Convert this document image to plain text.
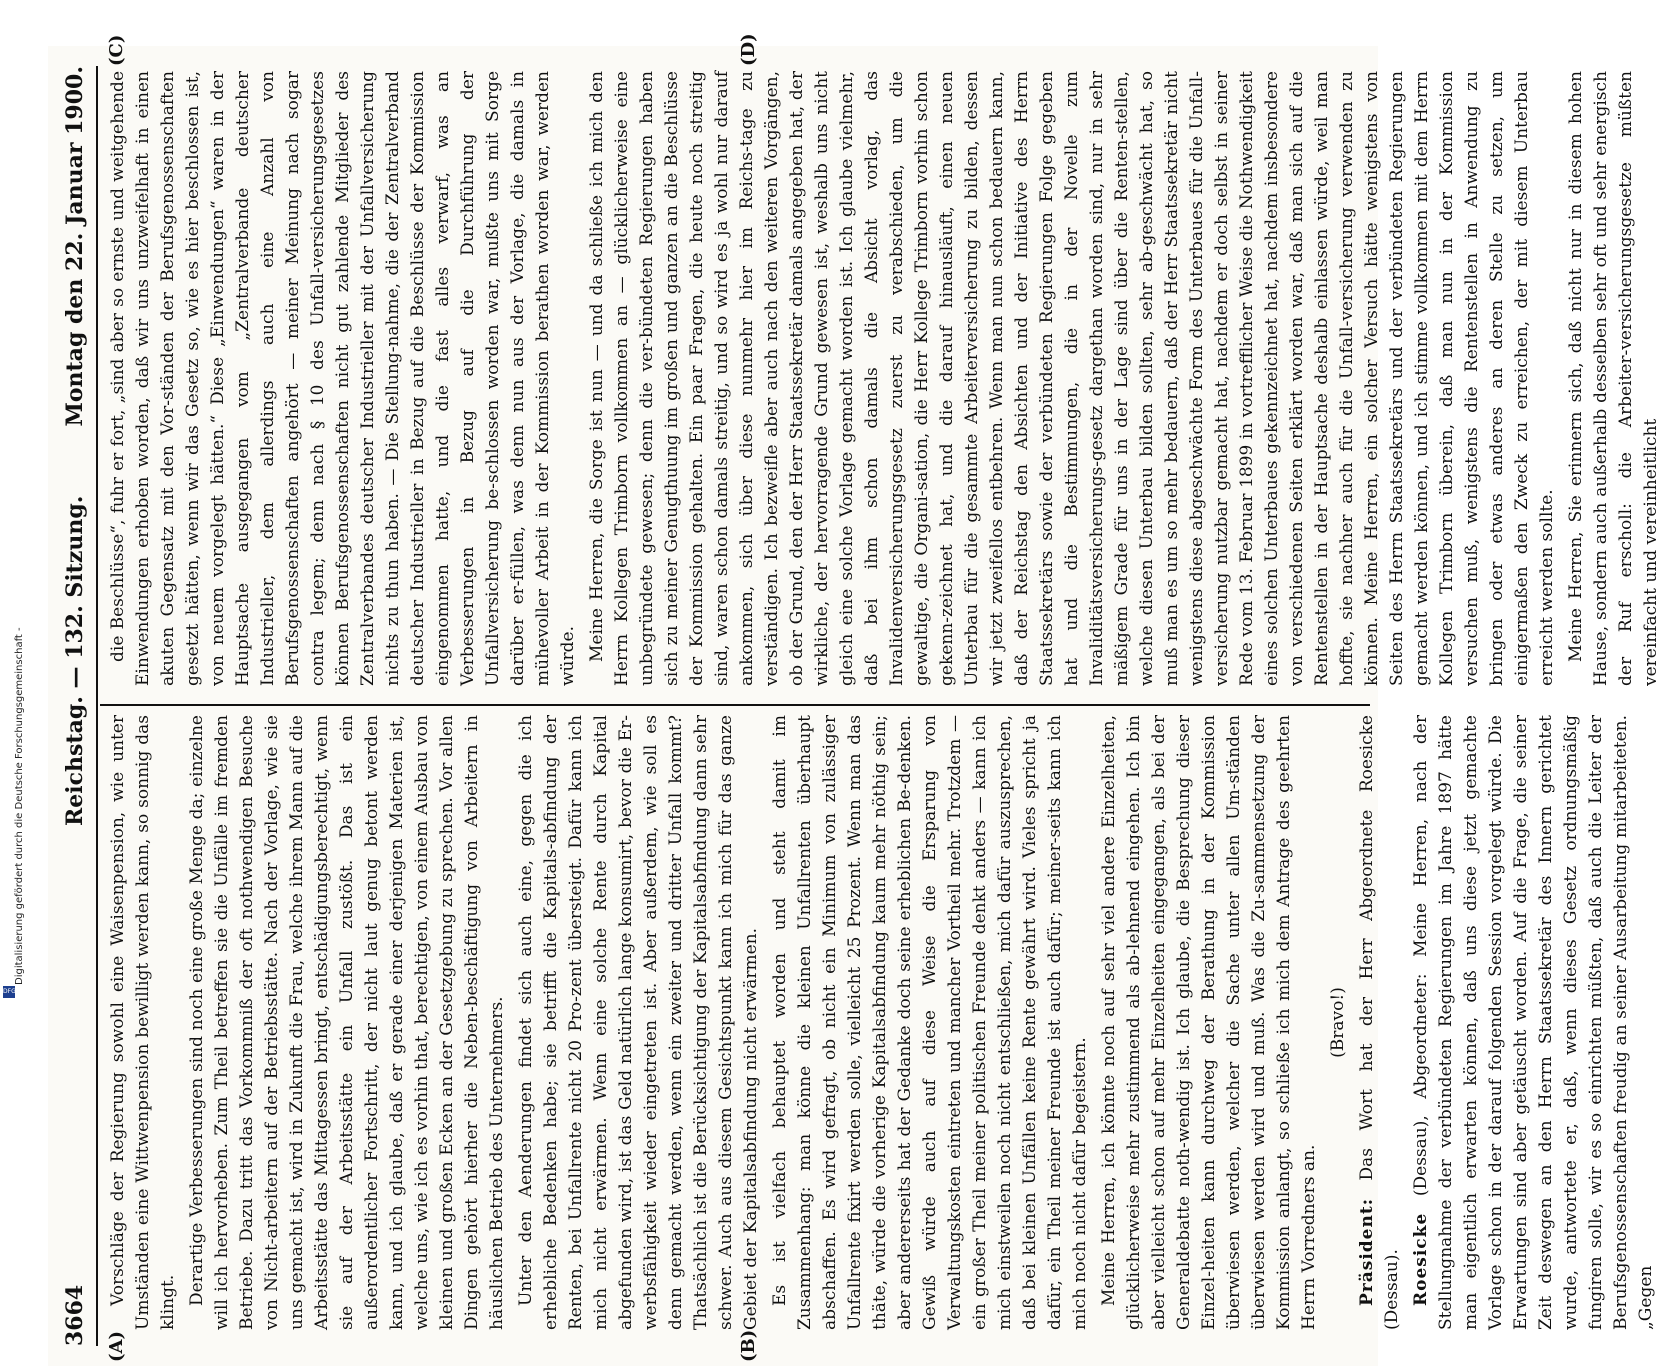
3664
Reichstag. — 132. Sitzung.
Montag den 22. Januar 1900.
(A)	(B)
(C)	(D)

Vorschläge der Regierung sowohl eine Waisenpension, wie unter Umständen eine Wittwenpension bewilligt werden kann, so sonnig das klingt. Derartige Verbesserungen sind noch eine große Menge da; einzelne will ich hervorheben. Zum Theil betreffen sie die Unfälle im fremden Betriebe. Dazu tritt das Vorkommniß der oft nothwendigen Besuche von Nicht-arbeitern auf der Betriebsstätte. Nach der Vorlage, wie sie uns gemacht ist, wird in Zukunft die Frau, welche ihrem Mann auf die Arbeitsstätte das Mittagessen bringt, entschädigungsberechtigt, wenn sie auf der Arbeitsstätte ein Unfall zustößt. Das ist ein außerordentlicher Fortschritt, der nicht laut genug betont werden kann, und ich glaube, daß er gerade einer derjenigen Materien ist, welche uns, wie ich es vorhin that, berechtigen, von einem Ausbau von kleinen und großen Ecken an der Gesetzgebung zu sprechen. Vor allen Dingen gehört hierher die Neben-beschäftigung von Arbeitern in häuslichen Betrieb des Unternehmers. Unter den Aenderungen findet sich auch eine, gegen die ich erhebliche Bedenken habe; sie betrifft die Kapitals-abfindung der Renten, bei Unfallrente nicht 20 Pro-zent übersteigt. Dafür kann ich mich nicht erwärmen. Wenn eine solche Rente durch Kapital abgefunden wird, ist das Geld natürlich lange konsumirt, bevor die Er-werbsfähigkeit wieder eingetreten ist. Aber außerdem, wie soll es denn gemacht werden, wenn ein zweiter und dritter Unfall kommt? Thatsächlich ist die Berücksichtigung der Kapitalsabfindung dann sehr schwer. Auch aus diesem Gesichtspunkt kann ich mich für das ganze Gebiet der Kapitalsabfindung nicht erwärmen. Es ist vielfach behauptet worden und steht damit im Zusammenhang: man könne die kleinen Unfallrenten überhaupt abschaffen. Es wird gefragt, ob nicht ein Minimum von zulässiger Unfallrente fixirt werden solle, vielleicht 25 Prozent. Wenn man das thäte, würde die vorherige Kapitalsabfindung kaum mehr nöthig sein; aber andererseits hat der Gedanke doch seine erheblichen Be-denken. Gewiß würde auch auf diese Weise die Ersparung von Verwaltungskosten eintreten und mancher Vortheil mehr. Trotzdem — ein großer Theil meiner politischen Freunde denkt anders — kann ich mich einstweilen noch nicht entschließen, mich dafür auszusprechen, daß bei kleinen Unfällen keine Rente gewährt wird. Vieles spricht ja dafür, ein Theil meiner Freunde ist auch dafür; meiner-seits kann ich mich noch nicht dafür begeistern. Meine Herren, ich könnte noch auf sehr viel andere Einzelheiten, glücklicherweise mehr zustimmend als ab-lehnend eingehen. Ich bin aber vielleicht schon auf mehr Einzelheiten eingegangen, als bei der Generaldebatte noth-wendig ist. Ich glaube, die Besprechung dieser Einzel-heiten kann durchweg der Berathung in der Kommission überwiesen werden, welcher die Sache unter allen Um-ständen überwiesen werden wird und muß. Was die Zu-sammensetzung der Kommission anlangt, so schließe ich mich dem Antrage des geehrten Herrn Vorredners an.

(Bravo!)

Präsident: Das Wort hat der Herr Abgeordnete Roesicke (Dessau). Roesicke (Dessau), Abgeordneter: Meine Herren, nach der Stellungnahme der verbündeten Regierungen im Jahre 1897 hätte man eigentlich erwarten können, daß uns diese jetzt gemachte Vorlage schon in der darauf folgenden Session vorgelegt würde. Die Erwartungen sind aber getäuscht worden. Auf die Frage, die seiner Zeit deswegen an den Herrn Staatssekretär des Innern gerichtet wurde, antwortete er, daß, wenn dieses Gesetz ordnungsmäßig fungiren solle, wir es so einrichten müßten, daß auch die Leiter der Berufsgenossenschaften freudig an seiner Ausarbeitung mitarbeiteten. „Gegen

die Beschlüsse“, fuhr er fort, „sind aber so ernste und weitgehende Einwendungen erhoben worden, daß wir uns unzweifelhaft in einen akuten Gegensatz mit den Vor-ständen der Berufsgenossenschaften gesetzt hätten, wenn wir das Gesetz so, wie es hier beschlossen ist, von neuem vorgelegt hätten.“ Diese „Einwendungen“ waren in der Hauptsache ausgegangen vom „Zentralverbande deutscher Industrieller, dem allerdings auch eine Anzahl von Berufsgenossenschaften angehört — meiner Meinung nach sogar contra legem; denn nach § 10 des Unfall-versicherungsgesetzes können Berufsgenossenschaften nicht gut zahlende Mitglieder des Zentralverbandes deutscher Industrieller mit der Unfallversicherung nichts zu thun haben. — Die Stellung-nahme, die der Zentralverband deutscher Industrieller in Bezug auf die Beschlüsse der Kommission eingenommen hatte, und die fast alles verwarf, was an Verbesserungen in Bezug auf die Durchführung der Unfallversicherung be-schlossen worden war, mußte uns mit Sorge darüber er-füllen, was denn nun aus der Vorlage, die damals in mühevoller Arbeit in der Kommission berathen worden war, werden würde. Meine Herren, die Sorge ist nun — und da schließe ich mich den Herrn Kollegen Trimborn vollkommen an — glücklicherweise eine unbegründete gewesen; denn die ver-bündeten Regierungen haben sich zu meiner Genugthuung im großen und ganzen an die Beschlüsse der Kommission gehalten. Ein paar Fragen, die heute noch streitig sind, waren schon damals streitig, und so wird es ja wohl nur darauf ankommen, sich über diese nunmehr hier im Reichs-tage zu verständigen. Ich bezweifle aber auch nach den weiteren Vorgängen, ob der Grund, den der Herr Staatssekretär damals angegeben hat, der wirkliche, der hervorragende Grund gewesen ist, weshalb uns nicht gleich eine solche Vorlage gemacht worden ist. Ich glaube vielmehr, daß bei ihm schon damals die Absicht vorlag, das Invalidenversicherungsgesetz zuerst zu verabschieden, um die gewaltige, die Organi-sation, die Herr Kollege Trimborn vorhin schon gekenn-zeichnet hat, und die darauf hinausläuft, einen neuen Unterbau für die gesammte Arbeiterversicherung zu bilden, dessen wir jetzt zweifellos entbehren. Wenn man nun schon bedauern kann, daß der Reichstag den Absichten und der Initiative des Herrn Staatssekretärs sowie der verbündeten Regierungen Folge gegeben hat und die Bestimmungen, die in der Novelle zum Invaliditätsversicherungs-gesetz dargethan worden sind, nur in sehr mäßigem Grade für uns in der Lage sind über die Renten-stellen, welche diesen Unterbau bilden sollten, sehr ab-geschwächt hat, so muß man es um so mehr bedauern, daß der Herr Staatssekretär nicht wenigstens diese abgeschwächte Form des Unterbaues für die Unfall-versicherung nutzbar gemacht hat, nachdem er doch selbst in seiner Rede vom 13. Februar 1899 in vortrefflicher Weise die Nothwendigkeit eines solchen Unterbaues gekennzeichnet hat, nachdem insbesondere von verschiedenen Seiten erklärt worden war, daß man sich auf die Rentenstellen in der Hauptsache deshalb einlassen würde, weil man hoffte, sie nachher auch für die Unfall-versicherung verwenden zu können. Meine Herren, ein solcher Versuch hätte wenigstens von Seiten des Herrn Staatssekretärs und der verbündeten Regierungen gemacht werden können, und ich stimme vollkommen mit dem Herrn Kollegen Trimborn überein, daß man nun in der Kommission versuchen muß, wenigstens die Rentenstellen in Anwendung zu bringen oder etwas anderes an deren Stelle zu setzen, um einigermaßen den Zweck zu erreichen, der mit diesem Unterbau erreicht werden sollte. Meine Herren, Sie erinnern sich, daß nicht nur in diesem hohen Hause, sondern auch außerhalb desselben sehr oft und sehr energisch der Ruf erscholl: die Arbeiter-versicherungsgesetze müßten vereinfacht und vereinheitlicht

Digitalisierung gefördert durch die Deutsche Forschungsgemeinschaft -
DFG
